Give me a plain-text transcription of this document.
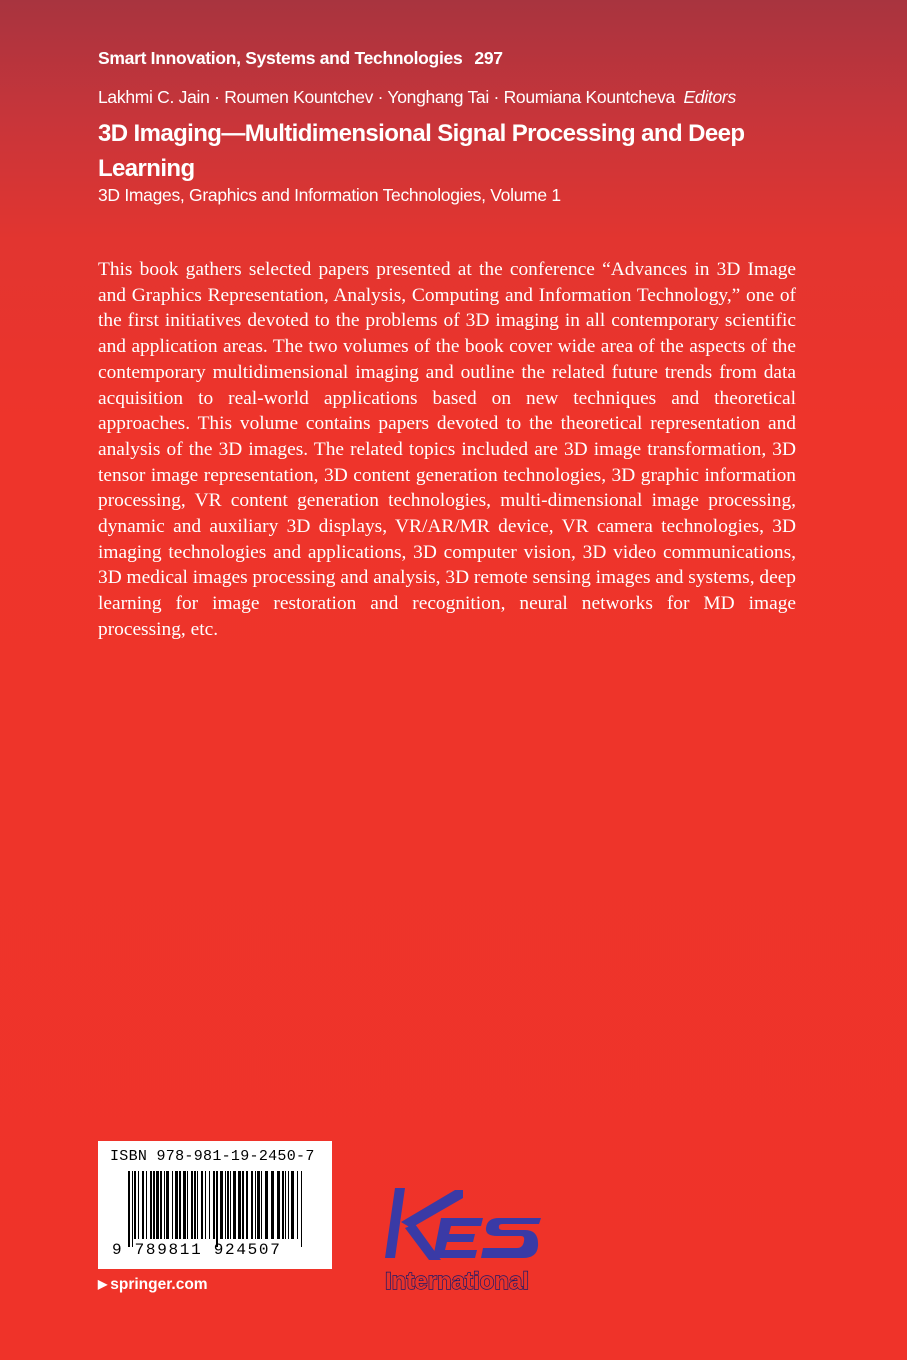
Smart Innovation, Systems and Technologies 297
Lakhmi C. Jain · Roumen Kountchev · Yonghang Tai · Roumiana Kountcheva Editors
3D Imaging—Multidimensional Signal Processing and Deep Learning
3D Images, Graphics and Information Technologies, Volume 1

This book gathers selected papers presented at the conference “Advances in 3D Image and Graphics Representation, Analysis, Computing and Information Technology,” one of the first initiatives devoted to the problems of 3D imaging in all contemporary scientific and application areas. The two volumes of the book cover wide area of the aspects of the contemporary multidimensional imaging and outline the related future trends from data acquisition to real-world applications based on new techniques and theoretical approaches. This volume contains papers devoted to the theoretical representation and analysis of the 3D images. The related topics included are 3D image transformation, 3D tensor image representation, 3D content generation technologies, 3D graphic information processing, VR content generation technologies, multi-dimensional image processing, dynamic and auxiliary 3D displays, VR/AR/MR device, VR camera technologies, 3D imaging technologies and applications, 3D computer vision, 3D video communications, 3D medical images processing and analysis, 3D remote sensing images and systems, deep learning for image restoration and recognition, neural networks for MD image processing, etc.

ISBN 978-981-19-2450-7
9 789811 924507
▶ springer.com	International
